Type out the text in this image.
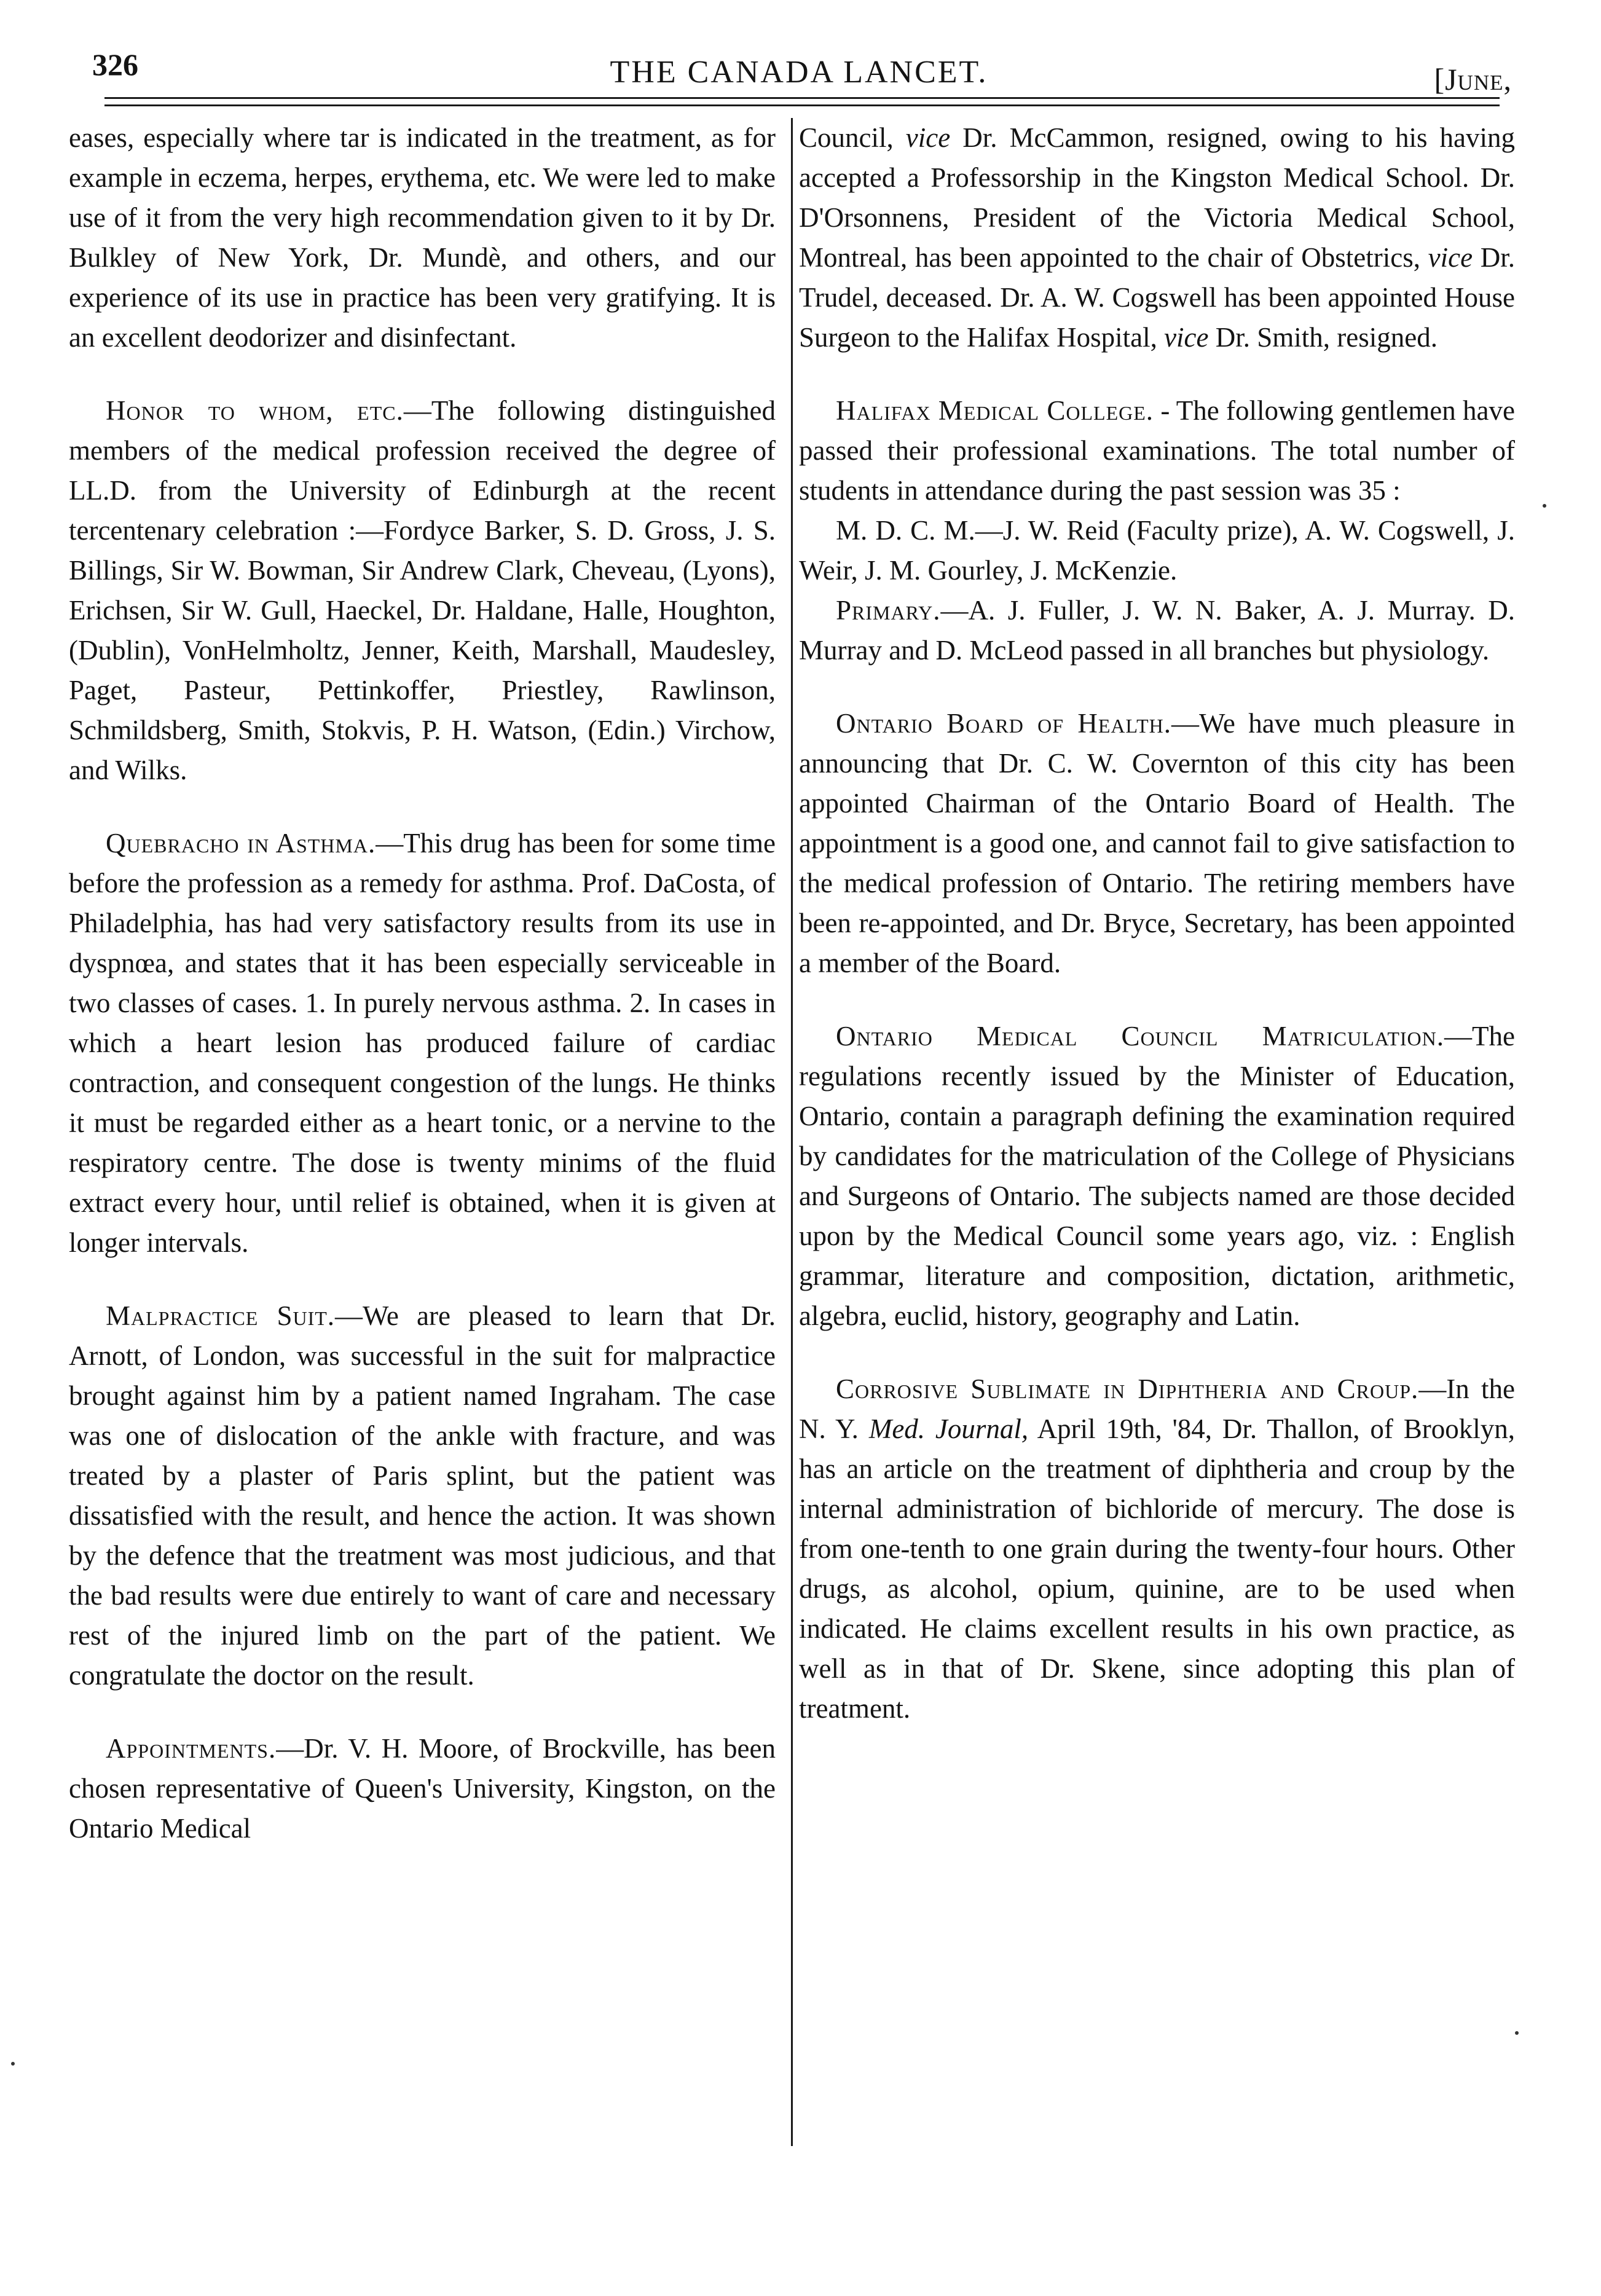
326	THE CANADA LANCET.	[June,

eases, especially where tar is indicated in the treatment, as for example in eczema, herpes, erythema, etc. We were led to make use of it from the very high recommendation given to it by Dr. Bulkley of New York, Dr. Mundè, and others, and our experience of its use in practice has been very gratifying. It is an excellent deodorizer and disinfectant.

Honor to whom, etc.—The following distinguished members of the medical profession received the degree of LL.D. from the University of Edinburgh at the recent tercentenary celebration :—Fordyce Barker, S. D. Gross, J. S. Billings, Sir W. Bowman, Sir Andrew Clark, Cheveau, (Lyons), Erichsen, Sir W. Gull, Haeckel, Dr. Haldane, Halle, Houghton, (Dublin), VonHelmholtz, Jenner, Keith, Marshall, Maudesley, Paget, Pasteur, Pettinkoffer, Priestley, Rawlinson, Schmildsberg, Smith, Stokvis, P. H. Watson, (Edin.) Virchow, and Wilks.

Quebracho in Asthma.—This drug has been for some time before the profession as a remedy for asthma. Prof. DaCosta, of Philadelphia, has had very satisfactory results from its use in dyspnœa, and states that it has been especially serviceable in two classes of cases. 1. In purely nervous asthma. 2. In cases in which a heart lesion has produced failure of cardiac contraction, and consequent congestion of the lungs. He thinks it must be regarded either as a heart tonic, or a nervine to the respiratory centre. The dose is twenty minims of the fluid extract every hour, until relief is obtained, when it is given at longer intervals.

Malpractice Suit.—We are pleased to learn that Dr. Arnott, of London, was successful in the suit for malpractice brought against him by a patient named Ingraham. The case was one of dislocation of the ankle with fracture, and was treated by a plaster of Paris splint, but the patient was dissatisfied with the result, and hence the action. It was shown by the defence that the treatment was most judicious, and that the bad results were due entirely to want of care and necessary rest of the injured limb on the part of the patient. We congratulate the doctor on the result.

Appointments.—Dr. V. H. Moore, of Brockville, has been chosen representative of Queen's University, Kingston, on the Ontario Medical

Council, vice Dr. McCammon, resigned, owing to his having accepted a Professorship in the Kingston Medical School. Dr. D'Orsonnens, President of the Victoria Medical School, Montreal, has been appointed to the chair of Obstetrics, vice Dr. Trudel, deceased. Dr. A. W. Cogswell has been appointed House Surgeon to the Halifax Hospital, vice Dr. Smith, resigned.

Halifax Medical College. - The following gentlemen have passed their professional examinations. The total number of students in attendance during the past session was 35 :

M. D. C. M.—J. W. Reid (Faculty prize), A. W. Cogswell, J. Weir, J. M. Gourley, J. McKenzie.

Primary.—A. J. Fuller, J. W. N. Baker, A. J. Murray. D. Murray and D. McLeod passed in all branches but physiology.

Ontario Board of Health.—We have much pleasure in announcing that Dr. C. W. Covernton of this city has been appointed Chairman of the Ontario Board of Health. The appointment is a good one, and cannot fail to give satisfaction to the medical profession of Ontario. The retiring members have been re-appointed, and Dr. Bryce, Secretary, has been appointed a member of the Board.

Ontario Medical Council Matriculation.—The regulations recently issued by the Minister of Education, Ontario, contain a paragraph defining the examination required by candidates for the matriculation of the College of Physicians and Surgeons of Ontario. The subjects named are those decided upon by the Medical Council some years ago, viz. : English grammar, literature and composition, dictation, arithmetic, algebra, euclid, history, geography and Latin.

Corrosive Sublimate in Diphtheria and Croup.—In the N. Y. Med. Journal, April 19th, '84, Dr. Thallon, of Brooklyn, has an article on the treatment of diphtheria and croup by the internal administration of bichloride of mercury. The dose is from one-tenth to one grain during the twenty-four hours. Other drugs, as alcohol, opium, quinine, are to be used when indicated. He claims excellent results in his own practice, as well as in that of Dr. Skene, since adopting this plan of treatment.
